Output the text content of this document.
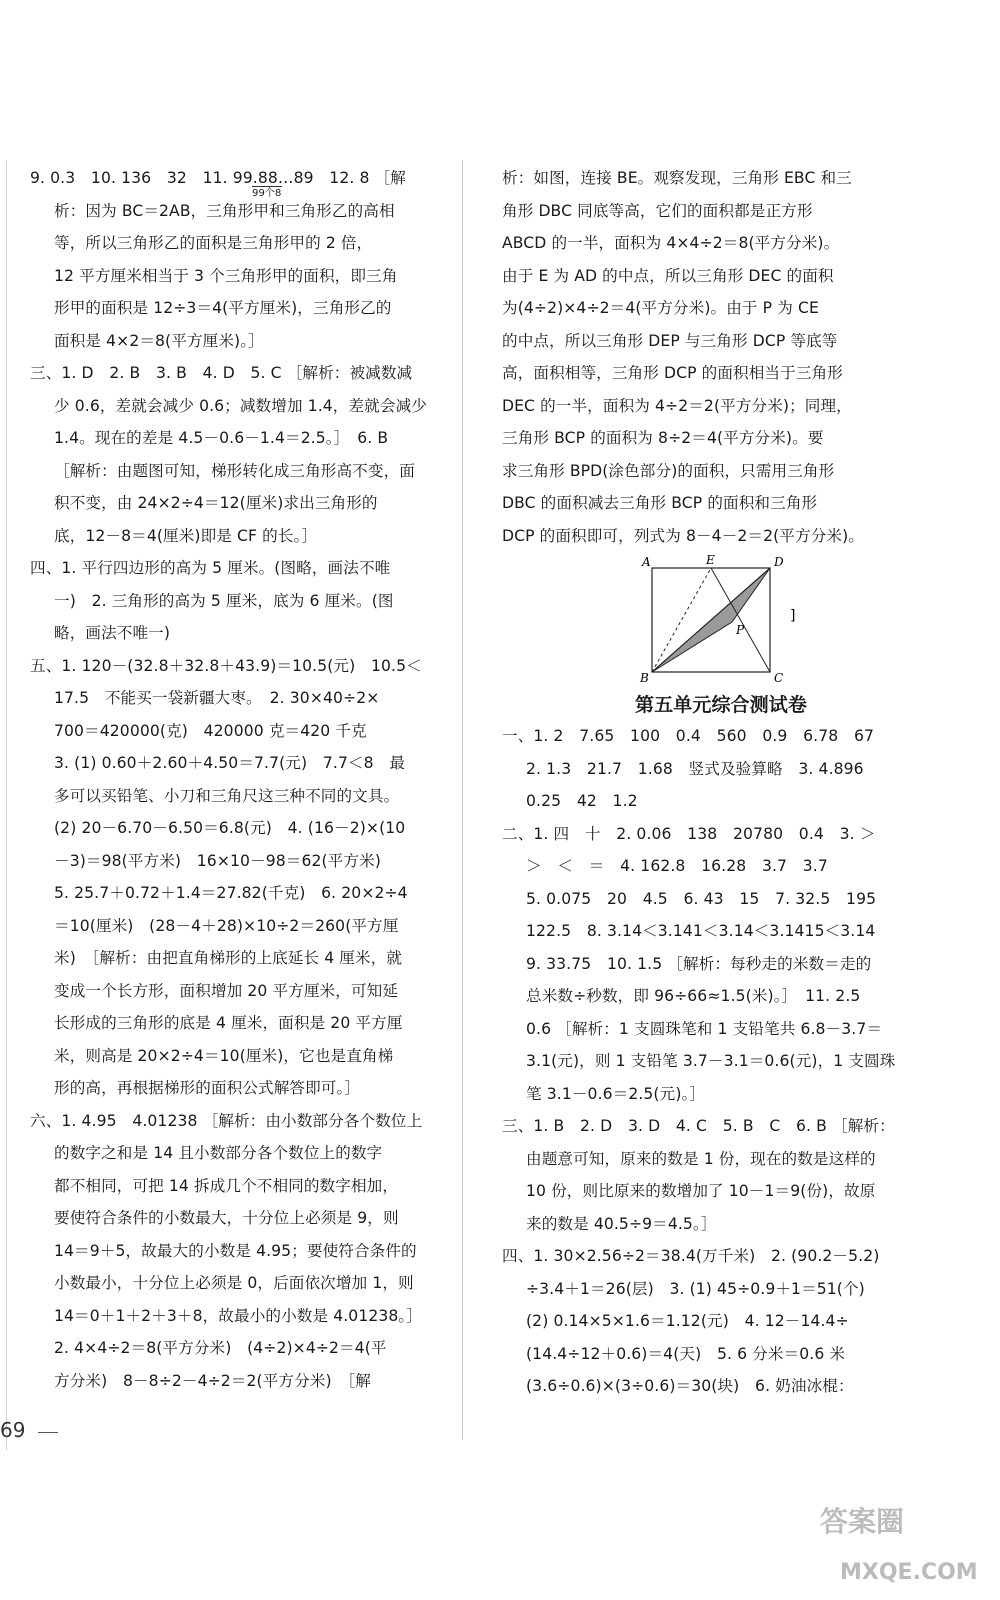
9. 0.3　10. 136　32　11. 99.88…89　12. 8 ［解
99个8
析：因为 BC＝2AB，三角形甲和三角形乙的高相
等，所以三角形乙的面积是三角形甲的 2 倍，
12 平方厘米相当于 3 个三角形甲的面积，即三角
形甲的面积是 12÷3＝4(平方厘米)，三角形乙的
面积是 4×2＝8(平方厘米)。］
三、1. D　2. B　3. B　4. D　5. C ［解析：被减数减
少 0.6，差就会减少 0.6；减数增加 1.4，差就会减少
1.4。现在的差是 4.5－0.6－1.4＝2.5。］　6. B
［解析：由题图可知，梯形转化成三角形高不变，面
积不变，由 24×2÷4＝12(厘米)求出三角形的
底，12－8＝4(厘米)即是 CF 的长。］
四、1. 平行四边形的高为 5 厘米。(图略，画法不唯
一)　2. 三角形的高为 5 厘米，底为 6 厘米。(图
略，画法不唯一)
五、1. 120－(32.8＋32.8＋43.9)＝10.5(元)　10.5＜
17.5　不能买一袋新疆大枣。　2. 30×40÷2×
700＝420000(克)　420000 克＝420 千克
3. (1) 0.60＋2.60＋4.50＝7.7(元)　7.7＜8　最
多可以买铅笔、小刀和三角尺这三种不同的文具。
(2) 20－6.70－6.50＝6.8(元)　4. (16－2)×(10
－3)＝98(平方米)　16×10－98＝62(平方米)
5. 25.7＋0.72＋1.4＝27.82(千克)　6. 20×2÷4
＝10(厘米)　(28－4＋28)×10÷2＝260(平方厘
米)　［解析：由把直角梯形的上底延长 4 厘米，就
变成一个长方形，面积增加 20 平方厘米，可知延
长形成的三角形的底是 4 厘米，面积是 20 平方厘
米，则高是 20×2÷4＝10(厘米)，它也是直角梯
形的高，再根据梯形的面积公式解答即可。］
六、1. 4.95　4.01238 ［解析：由小数部分各个数位上
的数字之和是 14 且小数部分各个数位上的数字
都不相同，可把 14 拆成几个不相同的数字相加，
要使符合条件的小数最大，十分位上必须是 9，则
14＝9＋5，故最大的小数是 4.95；要使符合条件的
小数最小，十分位上必须是 0，后面依次增加 1，则
14＝0＋1＋2＋3＋8，故最小的小数是 4.01238。］
2. 4×4÷2＝8(平方分米)　(4÷2)×4÷2＝4(平
方分米)　8－8÷2－4÷2＝2(平方分米)　［解
析：如图，连接 BE。观察发现，三角形 EBC 和三
角形 DBC 同底等高，它们的面积都是正方形
ABCD 的一半，面积为 4×4÷2＝8(平方分米)。
由于 E 为 AD 的中点，所以三角形 DEC 的面积
为(4÷2)×4÷2＝4(平方分米)。由于 P 为 CE
的中点，所以三角形 DEP 与三角形 DCP 等底等
高，面积相等，三角形 DCP 的面积相当于三角形
DEC 的一半，面积为 4÷2＝2(平方分米)；同理，
三角形 BCP 的面积为 8÷2＝4(平方分米)。要
求三角形 BPD(涂色部分)的面积，只需用三角形
DBC 的面积减去三角形 BCP 的面积和三角形
DCP 的面积即可，列式为 8－4－2＝2(平方分米)。
A	E	D
P
B	C
]
第五单元综合测试卷
一、1. 2　7.65　100　0.4　560　0.9　6.78　67
2. 1.3　21.7　1.68　竖式及验算略　3. 4.896
0.25　42　1.2
二、1. 四　十　2. 0.06　138　20780　0.4　3. ＞
＞　＜　＝　4. 162.8　16.28　3.7　3.7
5. 0.075　20　4.5　6. 43　15　7. 32.5　195
122.5　8. 3.14＜3.141＜3.14＜3.1415＜3.14
9. 33.75　10. 1.5 ［解析：每秒走的米数＝走的
总米数÷秒数，即 96÷66≈1.5(米)。］　11. 2.5
0.6 ［解析：1 支圆珠笔和 1 支铅笔共 6.8－3.7＝
3.1(元)，则 1 支铅笔 3.7－3.1＝0.6(元)，1 支圆珠
笔 3.1－0.6＝2.5(元)。］
三、1. B　2. D　3. D　4. C　5. B　C　6. B ［解析：
由题意可知，原来的数是 1 份，现在的数是这样的
10 份，则比原来的数增加了 10－1＝9(份)，故原
来的数是 40.5÷9＝4.5。］
四、1. 30×2.56÷2＝38.4(万千米)　2. (90.2－5.2)
÷3.4＋1＝26(层)　3. (1) 45÷0.9＋1＝51(个)
(2) 0.14×5×1.6＝1.12(元)　4. 12－14.4÷
(14.4÷12＋0.6)＝4(天)　5. 6 分米＝0.6 米
(3.6÷0.6)×(3÷0.6)＝30(块)　6. 奶油冰棍：
69
答案圈
MXQE.COM
